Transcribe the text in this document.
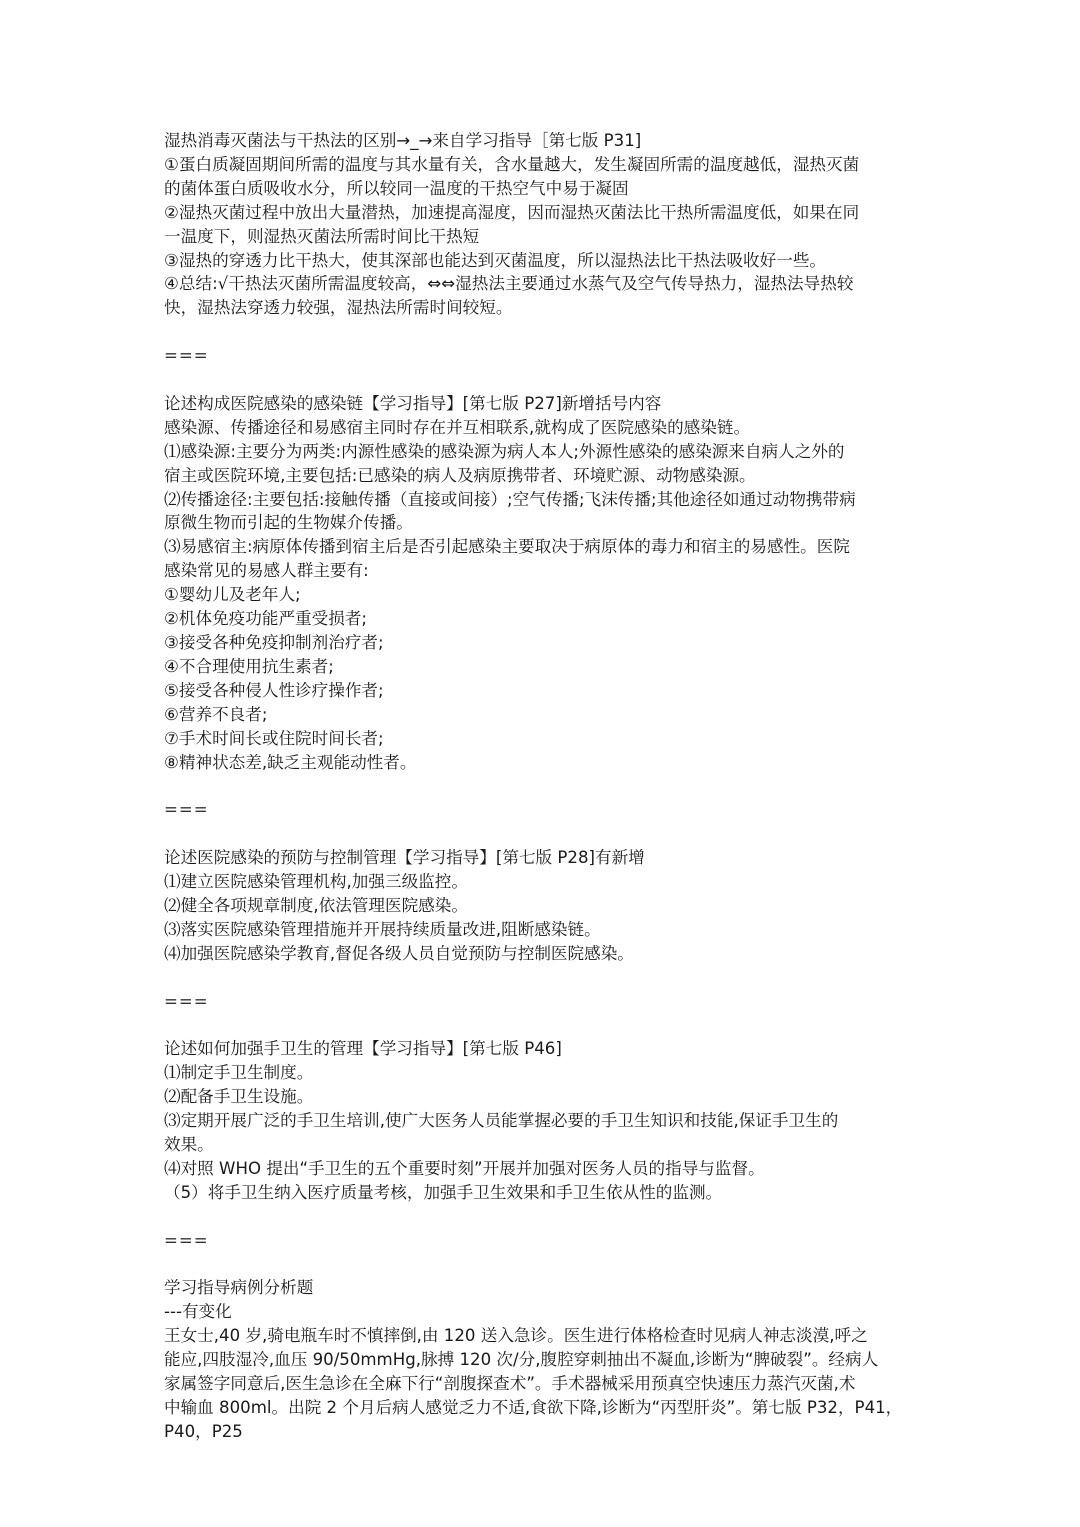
湿热消毒灭菌法与干热法的区别→_→来自学习指导［第七版 P31]
①蛋白质凝固期间所需的温度与其水量有关，含水量越大，发生凝固所需的温度越低，湿热灭菌
的菌体蛋白质吸收水分，所以较同一温度的干热空气中易于凝固
②湿热灭菌过程中放出大量潜热，加速提高湿度，因而湿热灭菌法比干热所需温度低，如果在同
一温度下，则湿热灭菌法所需时间比干热短
③湿热的穿透力比干热大，使其深部也能达到灭菌温度，所以湿热法比干热法吸收好一些。
④总结:√干热法灭菌所需温度较高，⇔⇔湿热法主要通过水蒸气及空气传导热力，湿热法导热较
快，湿热法穿透力较强，湿热法所需时间较短。
===
论述构成医院感染的感染链【学习指导】[第七版 P27]新增括号内容
感染源、传播途径和易感宿主同时存在并互相联系,就构成了医院感染的感染链。
⑴感染源:主要分为两类:内源性感染的感染源为病人本人;外源性感染的感染源来自病人之外的
宿主或医院环境,主要包括:已感染的病人及病原携带者、环境贮源、动物感染源。
⑵传播途径:主要包括:接触传播（直接或间接）;空气传播;飞沫传播;其他途径如通过动物携带病
原微生物而引起的生物媒介传播。
⑶易感宿主:病原体传播到宿主后是否引起感染主要取决于病原体的毒力和宿主的易感性。医院
感染常见的易感人群主要有:
①婴幼儿及老年人;
②机体免疫功能严重受损者;
③接受各种免疫抑制剂治疗者;
④不合理使用抗生素者;
⑤接受各种侵人性诊疗操作者;
⑥营养不良者;
⑦手术时间长或住院时间长者;
⑧精神状态差,缺乏主观能动性者。
===
论述医院感染的预防与控制管理【学习指导】[第七版 P28]有新增
⑴建立医院感染管理机构,加强三级监控。
⑵健全各项规章制度,依法管理医院感染。
⑶落实医院感染管理措施并开展持续质量改进,阻断感染链。
⑷加强医院感染学教育,督促各级人员自觉预防与控制医院感染。
===
论述如何加强手卫生的管理【学习指导】[第七版 P46]
⑴制定手卫生制度。
⑵配备手卫生设施。
⑶定期开展广泛的手卫生培训,使广大医务人员能掌握必要的手卫生知识和技能,保证手卫生的
效果。
⑷对照 WHO 提出“手卫生的五个重要时刻”开展并加强对医务人员的指导与监督。
（5）将手卫生纳入医疗质量考核，加强手卫生效果和手卫生依从性的监测。
===
学习指导病例分析题
---有变化
王女士,40 岁,骑电瓶车时不慎摔倒,由 120 送入急诊。医生进行体格检查时见病人神志淡漠,呼之
能应,四肢湿冷,血压 90/50mmHg,脉搏 120 次/分,腹腔穿刺抽出不凝血,诊断为“脾破裂”。经病人
家属签字同意后,医生急诊在全麻下行“剖腹探查术”。手术器械采用预真空快速压力蒸汽灭菌,术
中输血 800ml。出院 2 个月后病人感觉乏力不适,食欲下降,诊断为“丙型肝炎”。第七版 P32，P41，
P40，P25
